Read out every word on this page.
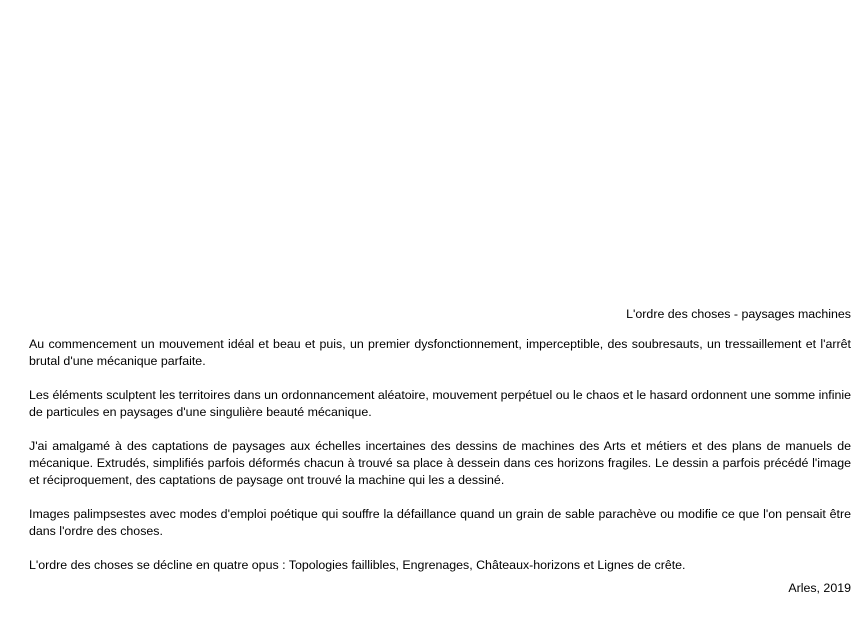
L'ordre des choses - paysages machines

Au commencement un mouvement idéal et beau et puis, un premier dysfonctionnement, imperceptible, des soubresauts, un tressaillement et l'arrêt brutal d'une mécanique parfaite.

Les éléments sculptent les territoires dans un ordonnancement aléatoire, mouvement perpétuel ou le chaos et le hasard ordonnent une somme infinie de particules en paysages d'une singulière beauté mécanique.

J'ai amalgamé à des captations de paysages aux échelles incertaines des dessins de machines des Arts et métiers et des plans de manuels de mécanique. Extrudés, simplifiés parfois déformés chacun à trouvé sa place à dessein dans ces horizons fragiles. Le dessin a parfois précédé l'image et réciproquement, des captations de paysage ont trouvé la machine qui les a dessiné.

Images palimpsestes avec modes d'emploi poétique qui souffre la défaillance quand un grain de sable parachève ou modifie ce que l'on pensait être dans l'ordre des choses.

L'ordre des choses se décline en quatre opus : Topologies faillibles, Engrenages, Châteaux-horizons et Lignes de crête.

Arles, 2019
